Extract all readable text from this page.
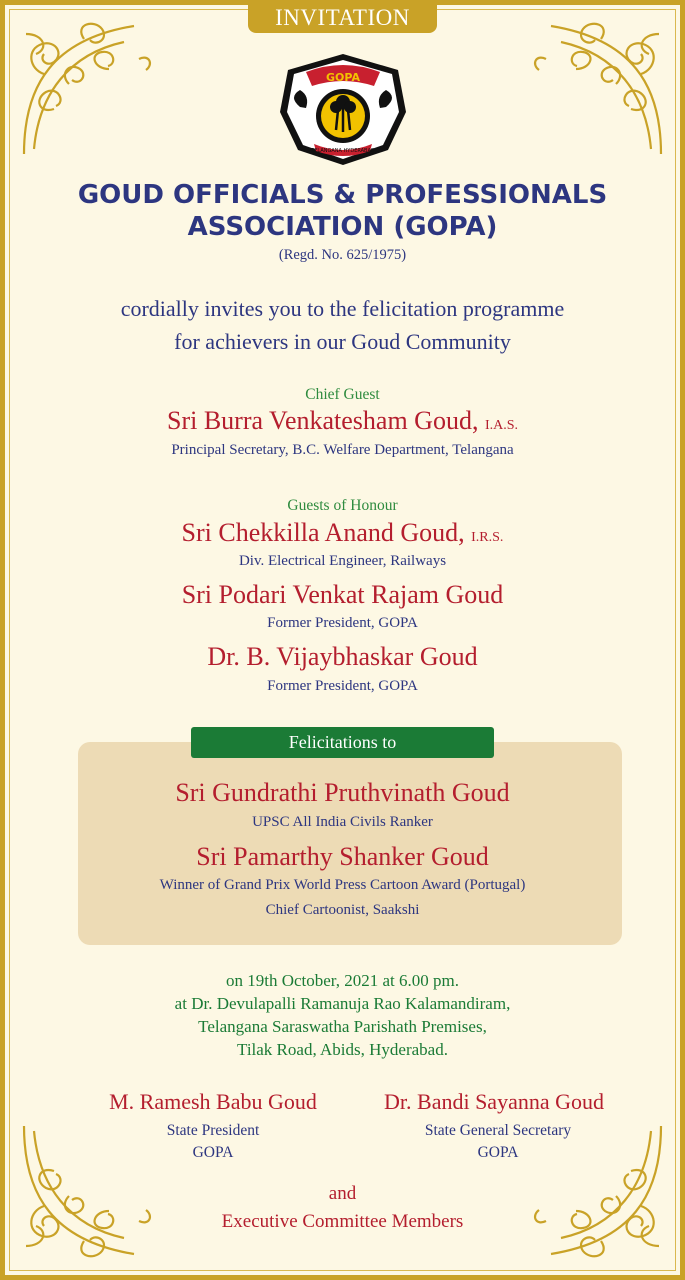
INVITATION
GOPA
TELANGANA HYDERABAD
GOUD OFFICIALS & PROFESSIONALS
ASSOCIATION (GOPA)
(Regd. No. 625/1975)
cordially invites you to the felicitation programme
for achievers in our Goud Community
Chief Guest
Sri Burra Venkatesham Goud, I.A.S.
Principal Secretary, B.C. Welfare Department, Telangana
Guests of Honour
Sri Chekkilla Anand Goud, I.R.S.
Div. Electrical Engineer, Railways
Sri Podari Venkat Rajam Goud
Former President, GOPA
Dr. B. Vijaybhaskar Goud
Former President, GOPA
Felicitations to
Sri Gundrathi Pruthvinath Goud
UPSC All India Civils Ranker
Sri Pamarthy Shanker Goud
Winner of Grand Prix World Press Cartoon Award (Portugal)
Chief Cartoonist, Saakshi
on 19th October, 2021 at 6.00 pm.
at Dr. Devulapalli Ramanuja Rao Kalamandiram,
Telangana Saraswatha Parishath Premises,
Tilak Road, Abids, Hyderabad.
M. Ramesh Babu Goud
State President
GOPA
Dr. Bandi Sayanna Goud
State General Secretary
GOPA
and
Executive Committee Members
